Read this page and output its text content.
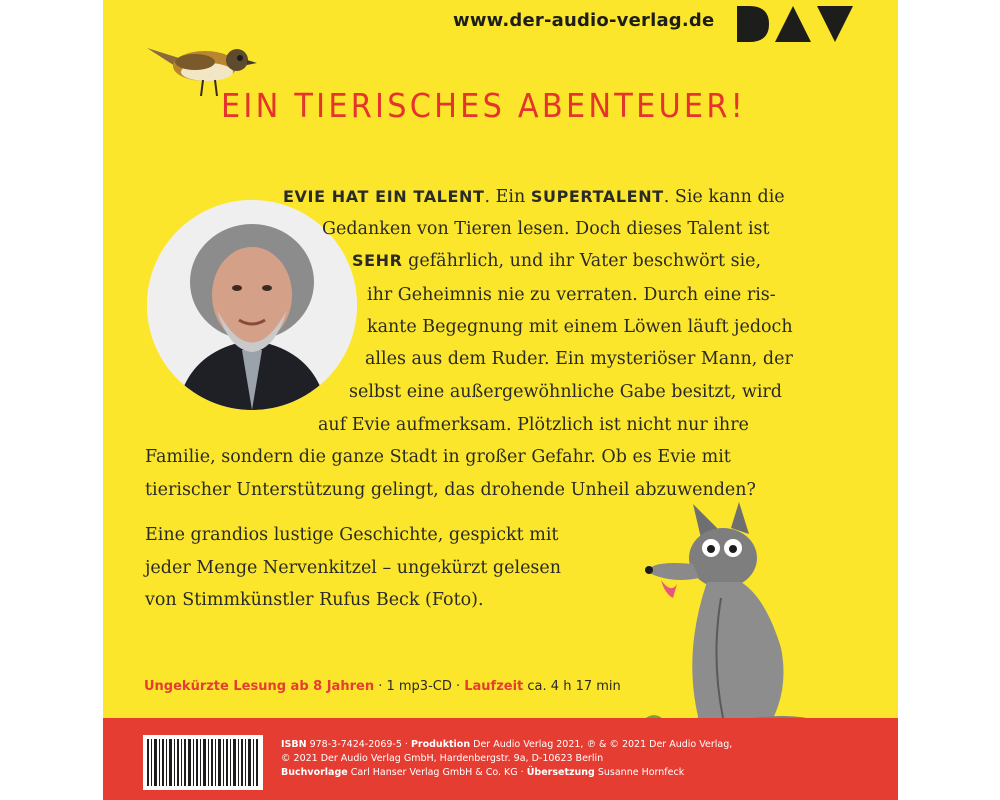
www.der-audio-verlag.de
EIN TIERISCHES ABENTEUER!
EVIE HAT EIN TALENT. Ein SUPERTALENT. Sie kann die
Gedanken von Tieren lesen. Doch dieses Talent ist
SEHR gefährlich, und ihr Vater beschwört sie,
ihr Geheimnis nie zu verraten. Durch eine ris-
kante Begegnung mit einem Löwen läuft jedoch
alles aus dem Ruder. Ein mysteriöser Mann, der
selbst eine außergewöhnliche Gabe besitzt, wird
auf Evie aufmerksam. Plötzlich ist nicht nur ihre
Familie, sondern die ganze Stadt in großer Gefahr. Ob es Evie mit
tierischer Unterstützung gelingt, das drohende Unheil abzuwenden?
Eine grandios lustige Geschichte, gespickt mit
jeder Menge Nervenkitzel – ungekürzt gelesen
von Stimmkünstler Rufus Beck (Foto).
Ungekürzte Lesung ab 8 Jahren · 1 mp3-CD · Laufzeit ca. 4 h 17 min
ISBN 978-3-7424-2069-5 · Produktion Der Audio Verlag 2021, ℗ & © 2021 Der Audio Verlag,
© 2021 Der Audio Verlag GmbH, Hardenbergstr. 9a, D-10623 Berlin
Buchvorlage Carl Hanser Verlag GmbH & Co. KG · Übersetzung Susanne Hornfeck
